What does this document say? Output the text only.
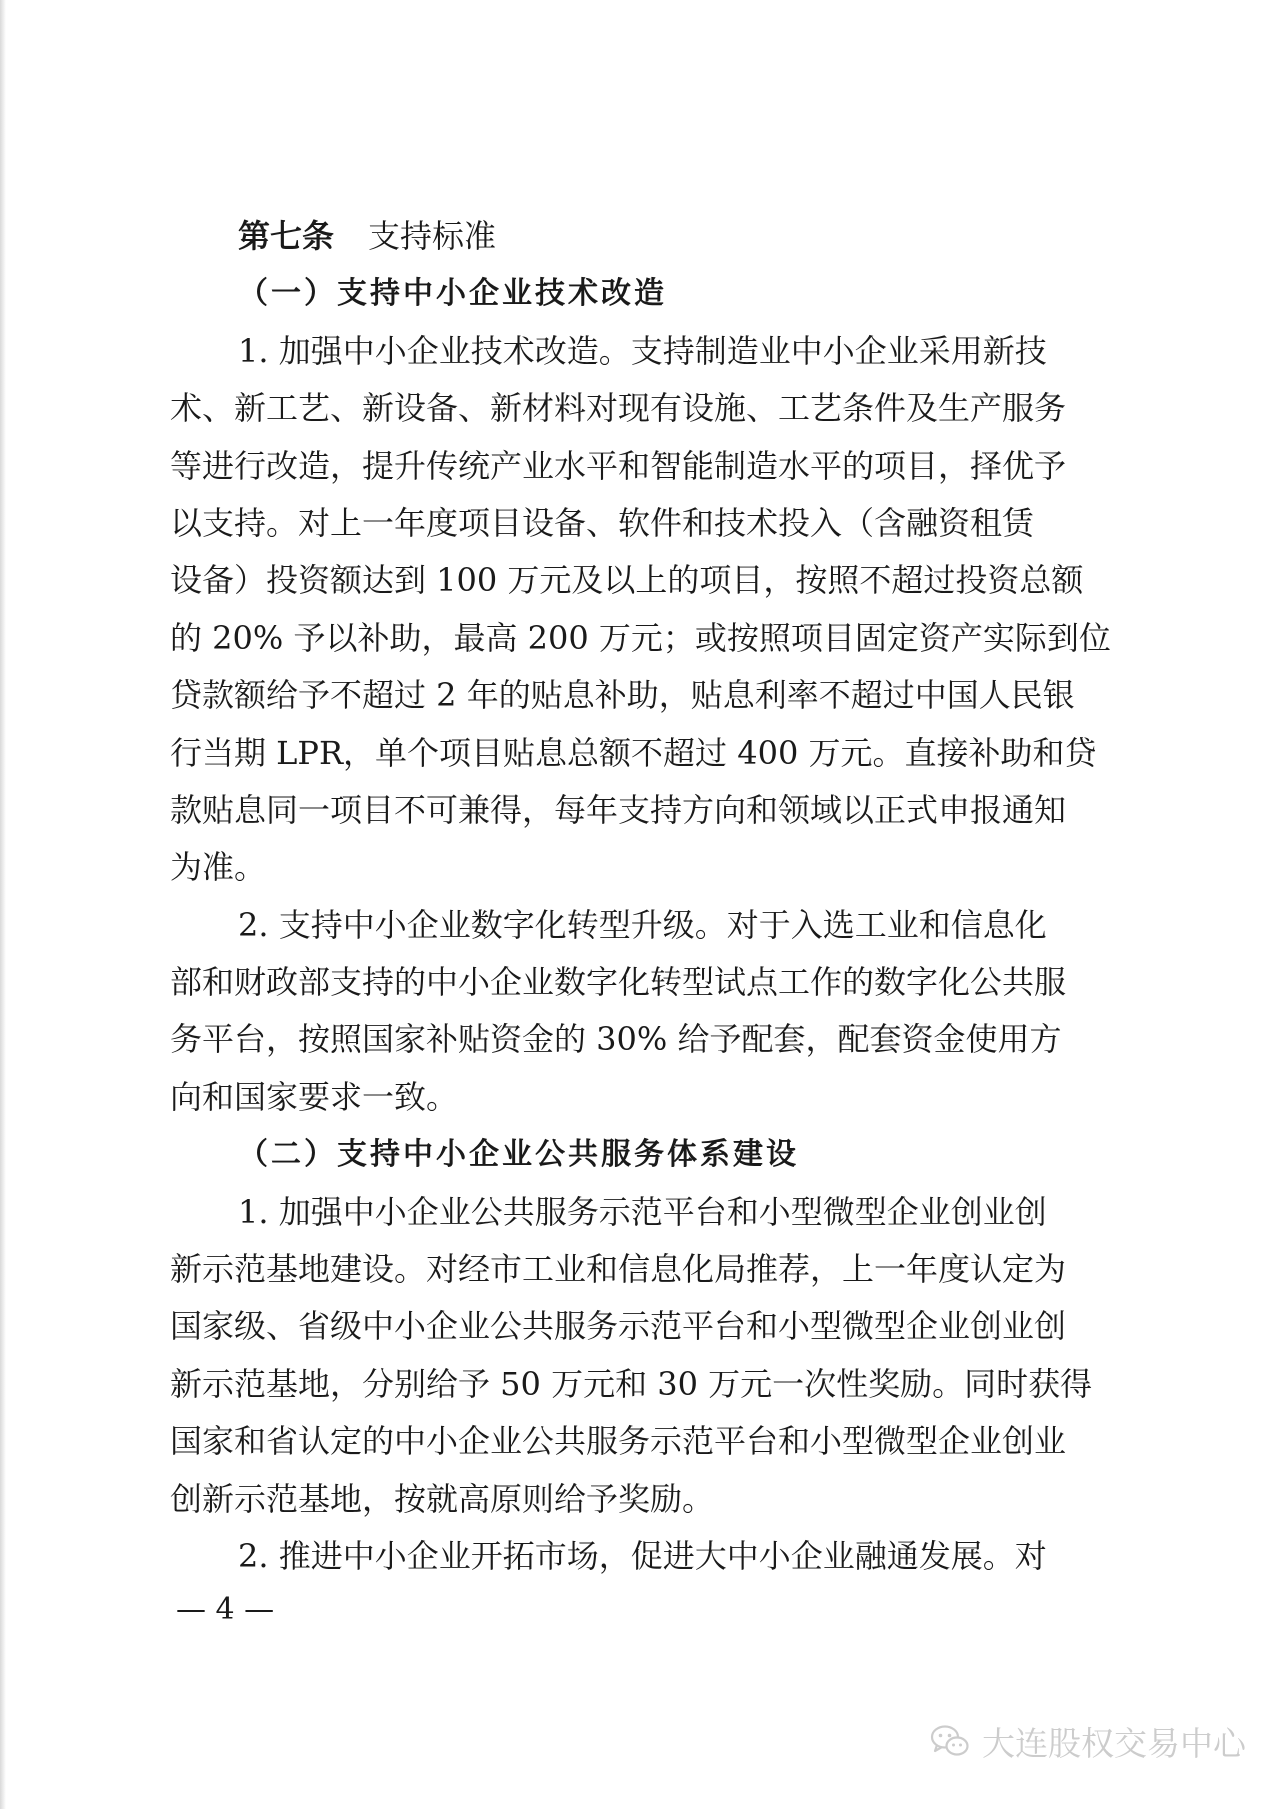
第七条 支持标准
（一）支持中小企业技术改造
1. 加强中小企业技术改造。支持制造业中小企业采用新技
术、新工艺、新设备、新材料对现有设施、工艺条件及生产服务
等进行改造，提升传统产业水平和智能制造水平的项目，择优予
以支持。对上一年度项目设备、软件和技术投入（含融资租赁
设备）投资额达到 100 万元及以上的项目，按照不超过投资总额
的 20% 予以补助，最高 200 万元；或按照项目固定资产实际到位
贷款额给予不超过 2 年的贴息补助，贴息利率不超过中国人民银
行当期 LPR，单个项目贴息总额不超过 400 万元。直接补助和贷
款贴息同一项目不可兼得，每年支持方向和领域以正式申报通知
为准。
2. 支持中小企业数字化转型升级。对于入选工业和信息化
部和财政部支持的中小企业数字化转型试点工作的数字化公共服
务平台，按照国家补贴资金的 30% 给予配套，配套资金使用方
向和国家要求一致。
（二）支持中小企业公共服务体系建设
1. 加强中小企业公共服务示范平台和小型微型企业创业创
新示范基地建设。对经市工业和信息化局推荐，上一年度认定为
国家级、省级中小企业公共服务示范平台和小型微型企业创业创
新示范基地，分别给予 50 万元和 30 万元一次性奖励。同时获得
国家和省认定的中小企业公共服务示范平台和小型微型企业创业
创新示范基地，按就高原则给予奖励。
2. 推进中小企业开拓市场，促进大中小企业融通发展。对
— 4 —
大连股权交易中心
